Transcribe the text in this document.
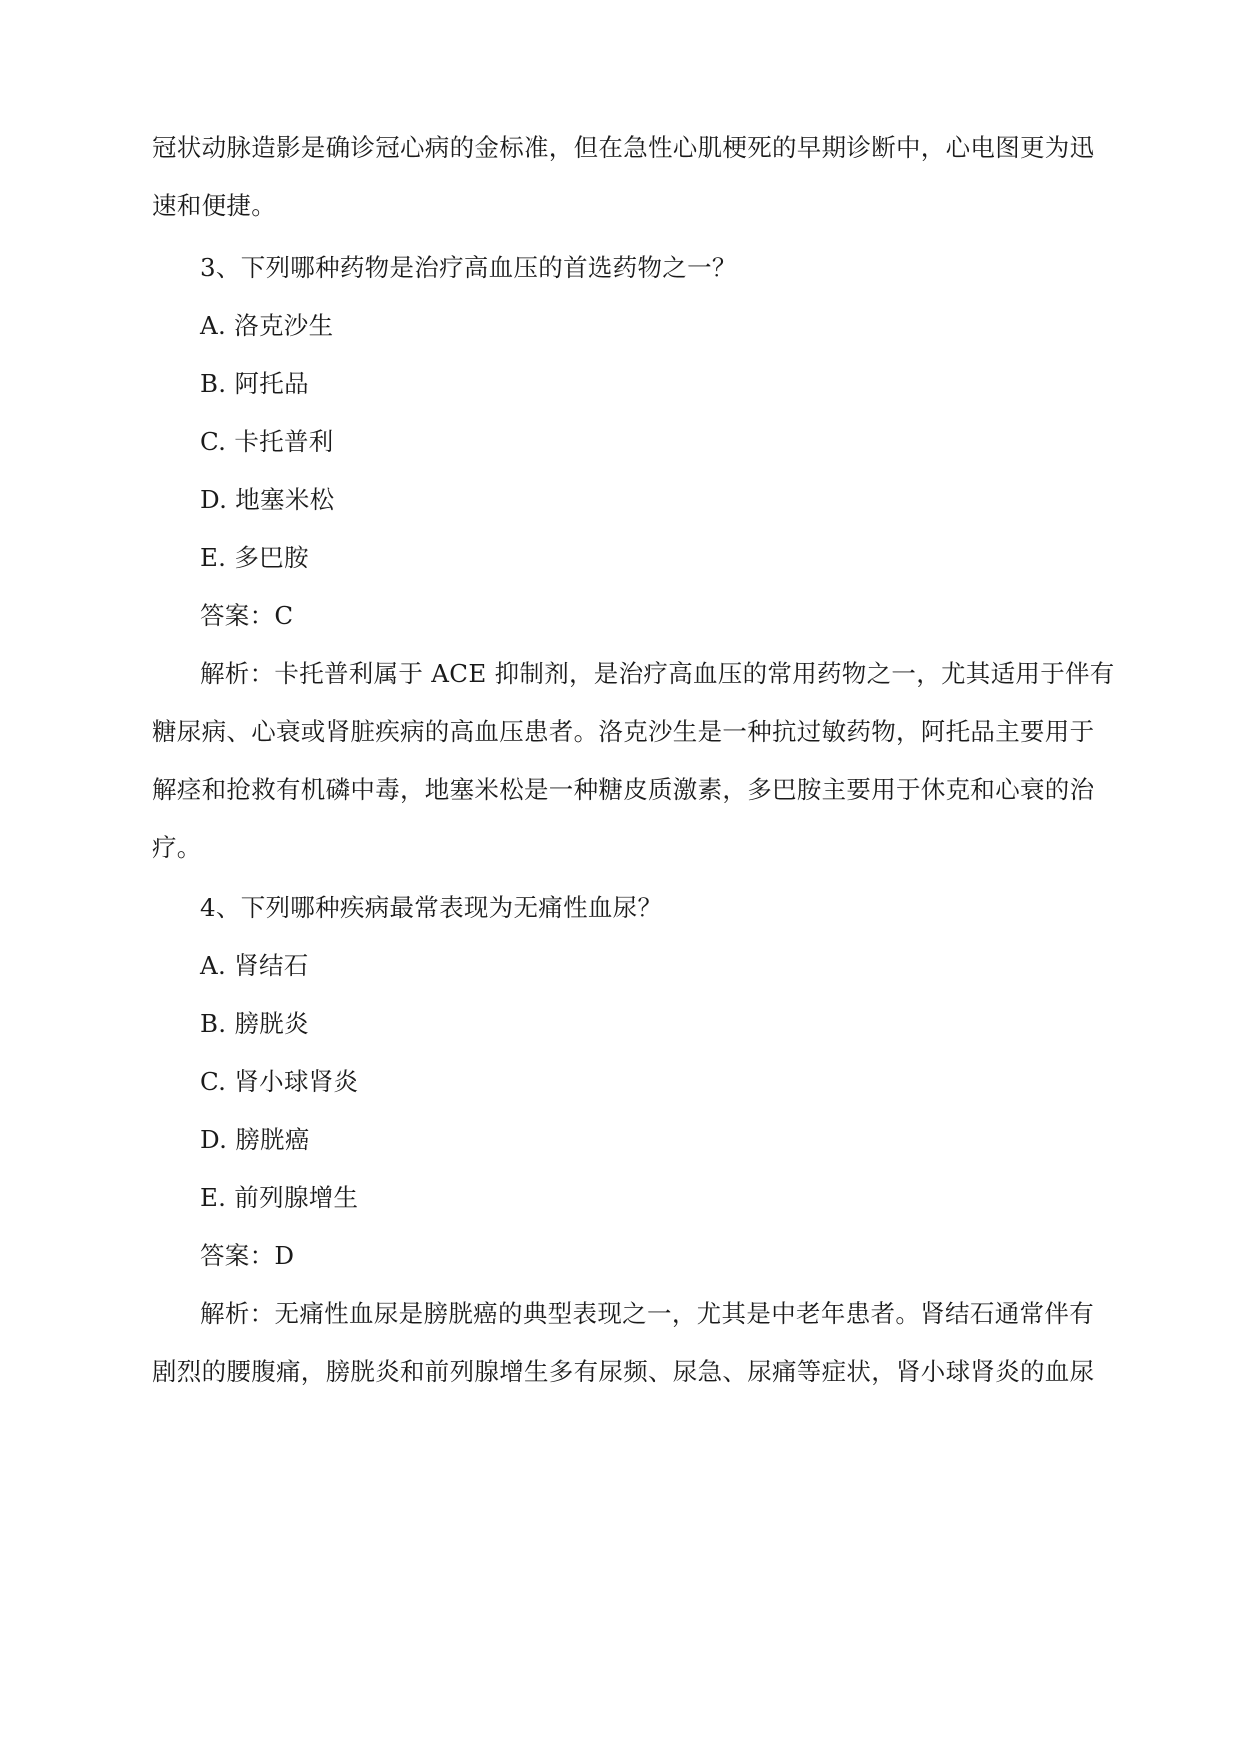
冠状动脉造影是确诊冠心病的金标准，但在急性心肌梗死的早期诊断中，心电图更为迅
速和便捷。
3、下列哪种药物是治疗高血压的首选药物之一？
A. 洛克沙生
B. 阿托品
C. 卡托普利
D. 地塞米松
E. 多巴胺
答案：C
解析：卡托普利属于 ACE 抑制剂，是治疗高血压的常用药物之一，尤其适用于伴有
糖尿病、心衰或肾脏疾病的高血压患者。洛克沙生是一种抗过敏药物，阿托品主要用于
解痉和抢救有机磷中毒，地塞米松是一种糖皮质激素，多巴胺主要用于休克和心衰的治
疗。
4、下列哪种疾病最常表现为无痛性血尿？
A. 肾结石
B. 膀胱炎
C. 肾小球肾炎
D. 膀胱癌
E. 前列腺增生
答案：D
解析：无痛性血尿是膀胱癌的典型表现之一，尤其是中老年患者。肾结石通常伴有
剧烈的腰腹痛，膀胱炎和前列腺增生多有尿频、尿急、尿痛等症状，肾小球肾炎的血尿
